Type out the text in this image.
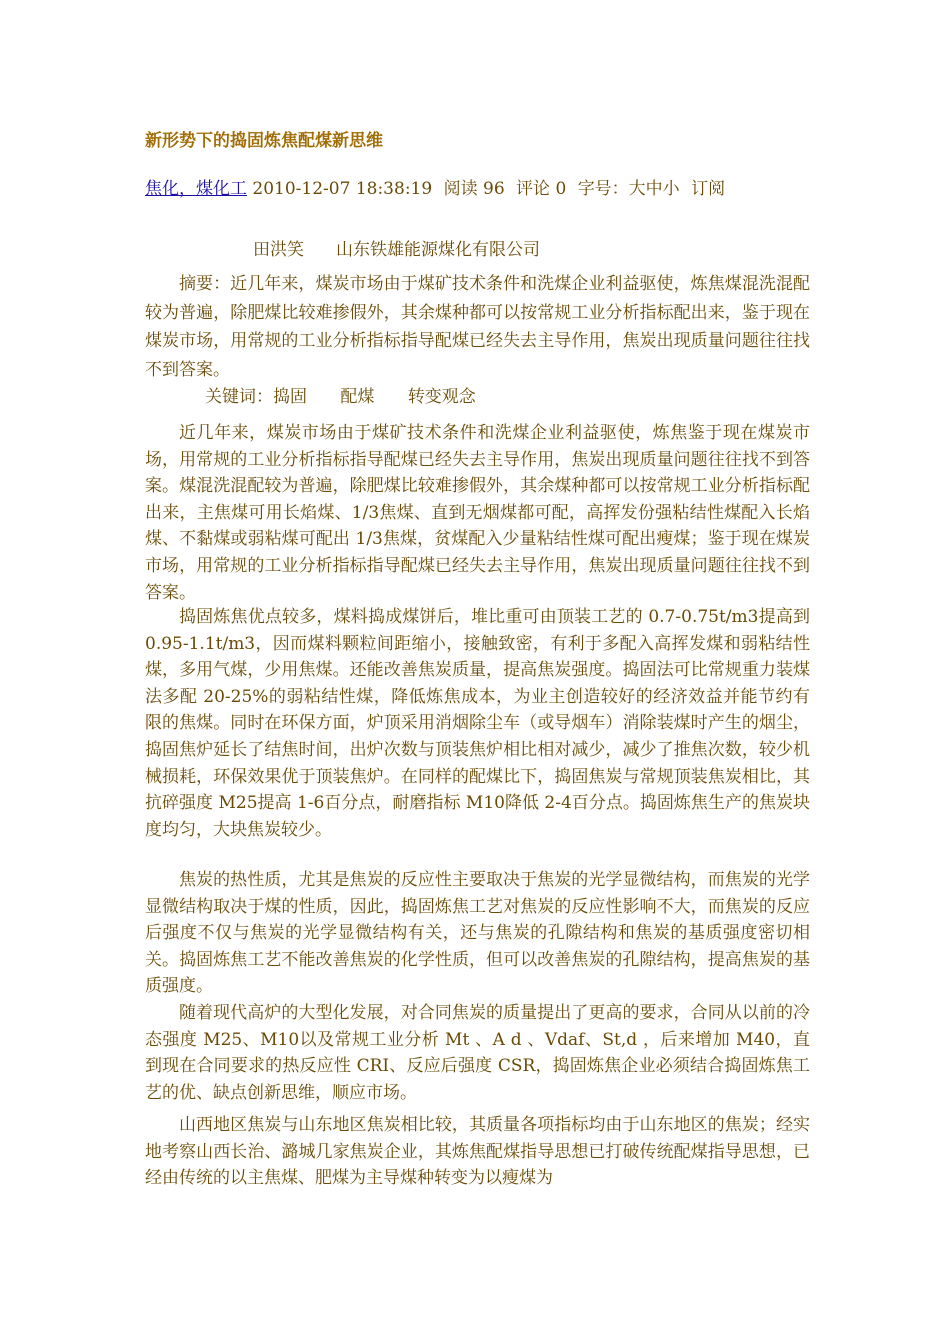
新形势下的捣固炼焦配煤新思维
焦化，煤化工 2010-12-07 18:38:19 阅读 96 评论 0 字号：大中小 订阅
田洪笑 山东铁雄能源煤化有限公司

摘要：近几年来，煤炭市场由于煤矿技术条件和洗煤企业利益驱使，炼焦煤混洗混配较为普遍，除肥煤比较难掺假外，其余煤种都可以按常规工业分析指标配出来，鉴于现在煤炭市场，用常规的工业分析指标指导配煤已经失去主导作用，焦炭出现质量问题往往找不到答案。

关键词：捣固 配煤 转变观念

近几年来，煤炭市场由于煤矿技术条件和洗煤企业利益驱使，炼焦鉴于现在煤炭市场，用常规的工业分析指标指导配煤已经失去主导作用，焦炭出现质量问题往往找不到答案。煤混洗混配较为普遍，除肥煤比较难掺假外，其余煤种都可以按常规工业分析指标配出来，主焦煤可用长焰煤、1/3焦煤、直到无烟煤都可配，高挥发份强粘结性煤配入长焰煤、不黏煤或弱粘煤可配出 1/3焦煤，贫煤配入少量粘结性煤可配出瘦煤；鉴于现在煤炭市场，用常规的工业分析指标指导配煤已经失去主导作用，焦炭出现质量问题往往找不到答案。

捣固炼焦优点较多，煤料捣成煤饼后，堆比重可由顶装工艺的 0.7-0.75t/m3提高到 0.95-1.1t/m3，因而煤料颗粒间距缩小，接触致密，有利于多配入高挥发煤和弱粘结性煤，多用气煤，少用焦煤。还能改善焦炭质量，提高焦炭强度。捣固法可比常规重力装煤法多配 20-25%的弱粘结性煤，降低炼焦成本，为业主创造较好的经济效益并能节约有限的焦煤。同时在环保方面，炉顶采用消烟除尘车（或导烟车）消除装煤时产生的烟尘，捣固焦炉延长了结焦时间，出炉次数与顶装焦炉相比相对减少，减少了推焦次数，较少机械损耗，环保效果优于顶装焦炉。在同样的配煤比下，捣固焦炭与常规顶装焦炭相比，其抗碎强度 M25提高 1-6百分点，耐磨指标 M10降低 2-4百分点。捣固炼焦生产的焦炭块度均匀，大块焦炭较少。

焦炭的热性质，尤其是焦炭的反应性主要取决于焦炭的光学显微结构，而焦炭的光学显微结构取决于煤的性质，因此，捣固炼焦工艺对焦炭的反应性影响不大，而焦炭的反应后强度不仅与焦炭的光学显微结构有关，还与焦炭的孔隙结构和焦炭的基质强度密切相关。捣固炼焦工艺不能改善焦炭的化学性质，但可以改善焦炭的孔隙结构，提高焦炭的基质强度。

随着现代高炉的大型化发展，对合同焦炭的质量提出了更高的要求，合同从以前的冷态强度 M25、M10以及常规工业分析 Mt 、A d 、Vdaf、St,d ，后来增加 M40，直到现在合同要求的热反应性 CRI、反应后强度 CSR，捣固炼焦企业必须结合捣固炼焦工艺的优、缺点创新思维，顺应市场。

山西地区焦炭与山东地区焦炭相比较，其质量各项指标均由于山东地区的焦炭；经实地考察山西长治、潞城几家焦炭企业，其炼焦配煤指导思想已打破传统配煤指导思想，已经由传统的以主焦煤、肥煤为主导煤种转变为以瘦煤为
